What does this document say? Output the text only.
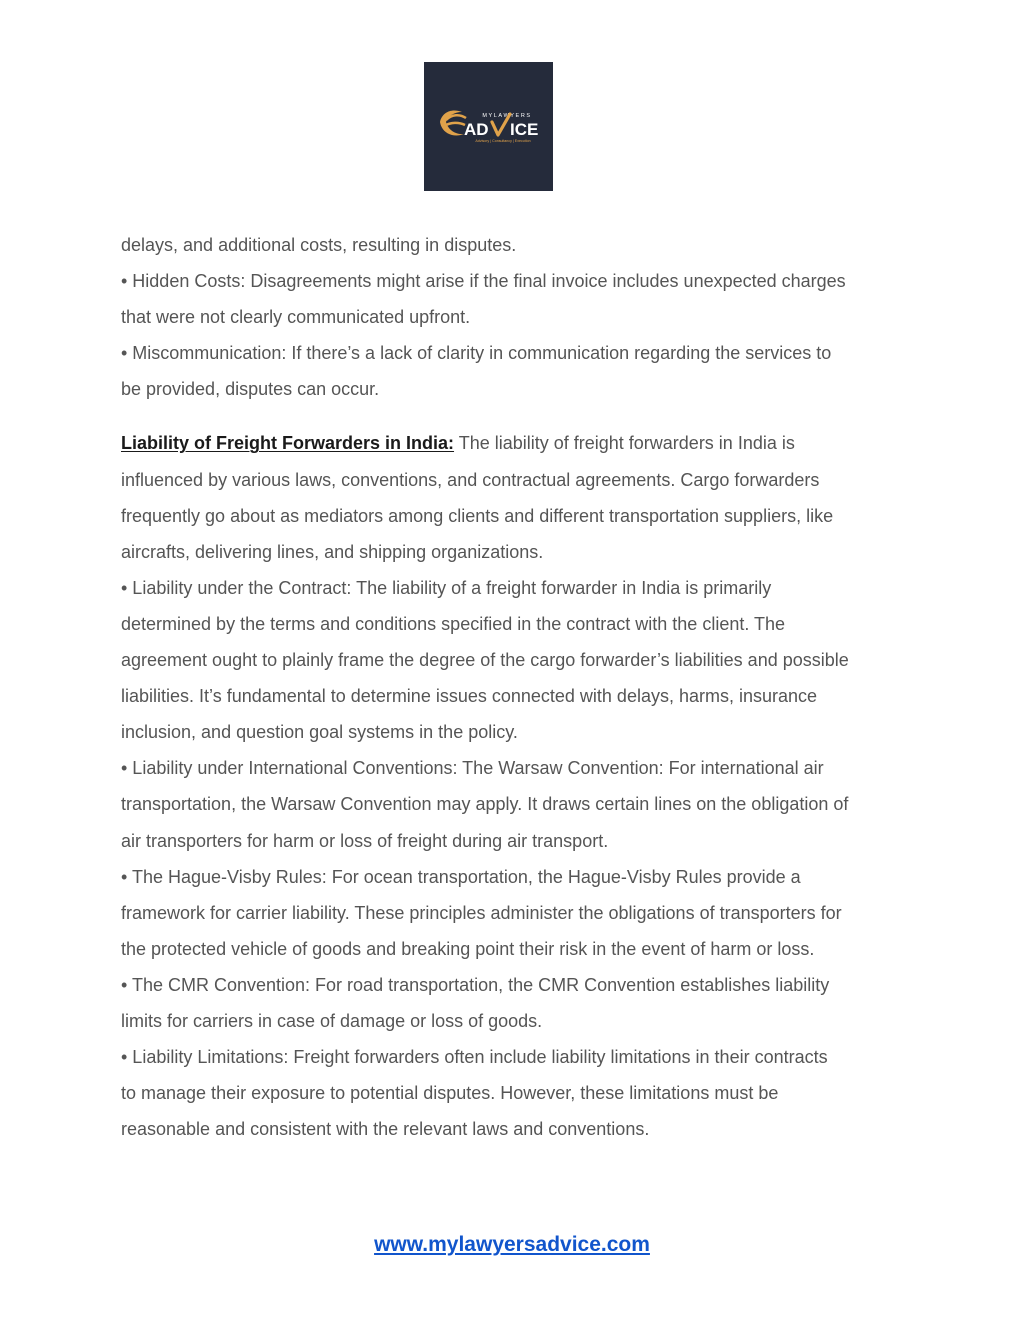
MYLAWYERS
AD ICE
Advisory | Consultancy | Execution

delays, and additional costs, resulting in disputes.

• Hidden Costs: Disagreements might arise if the final invoice includes unexpected charges

that were not clearly communicated upfront.

• Miscommunication: If there’s a lack of clarity in communication regarding the services to

be provided, disputes can occur.

Liability of Freight Forwarders in India: The liability of freight forwarders in India is

influenced by various laws, conventions, and contractual agreements. Cargo forwarders

frequently go about as mediators among clients and different transportation suppliers, like

aircrafts, delivering lines, and shipping organizations.

• Liability under the Contract: The liability of a freight forwarder in India is primarily

determined by the terms and conditions specified in the contract with the client. The

agreement ought to plainly frame the degree of the cargo forwarder’s liabilities and possible

liabilities. It’s fundamental to determine issues connected with delays, harms, insurance

inclusion, and question goal systems in the policy.

• Liability under International Conventions: The Warsaw Convention: For international air

transportation, the Warsaw Convention may apply. It draws certain lines on the obligation of

air transporters for harm or loss of freight during air transport.

• The Hague-Visby Rules: For ocean transportation, the Hague-Visby Rules provide a

framework for carrier liability. These principles administer the obligations of transporters for

the protected vehicle of goods and breaking point their risk in the event of harm or loss.

• The CMR Convention: For road transportation, the CMR Convention establishes liability

limits for carriers in case of damage or loss of goods.

• Liability Limitations: Freight forwarders often include liability limitations in their contracts

to manage their exposure to potential disputes. However, these limitations must be

reasonable and consistent with the relevant laws and conventions.

www.mylawyersadvice.com
